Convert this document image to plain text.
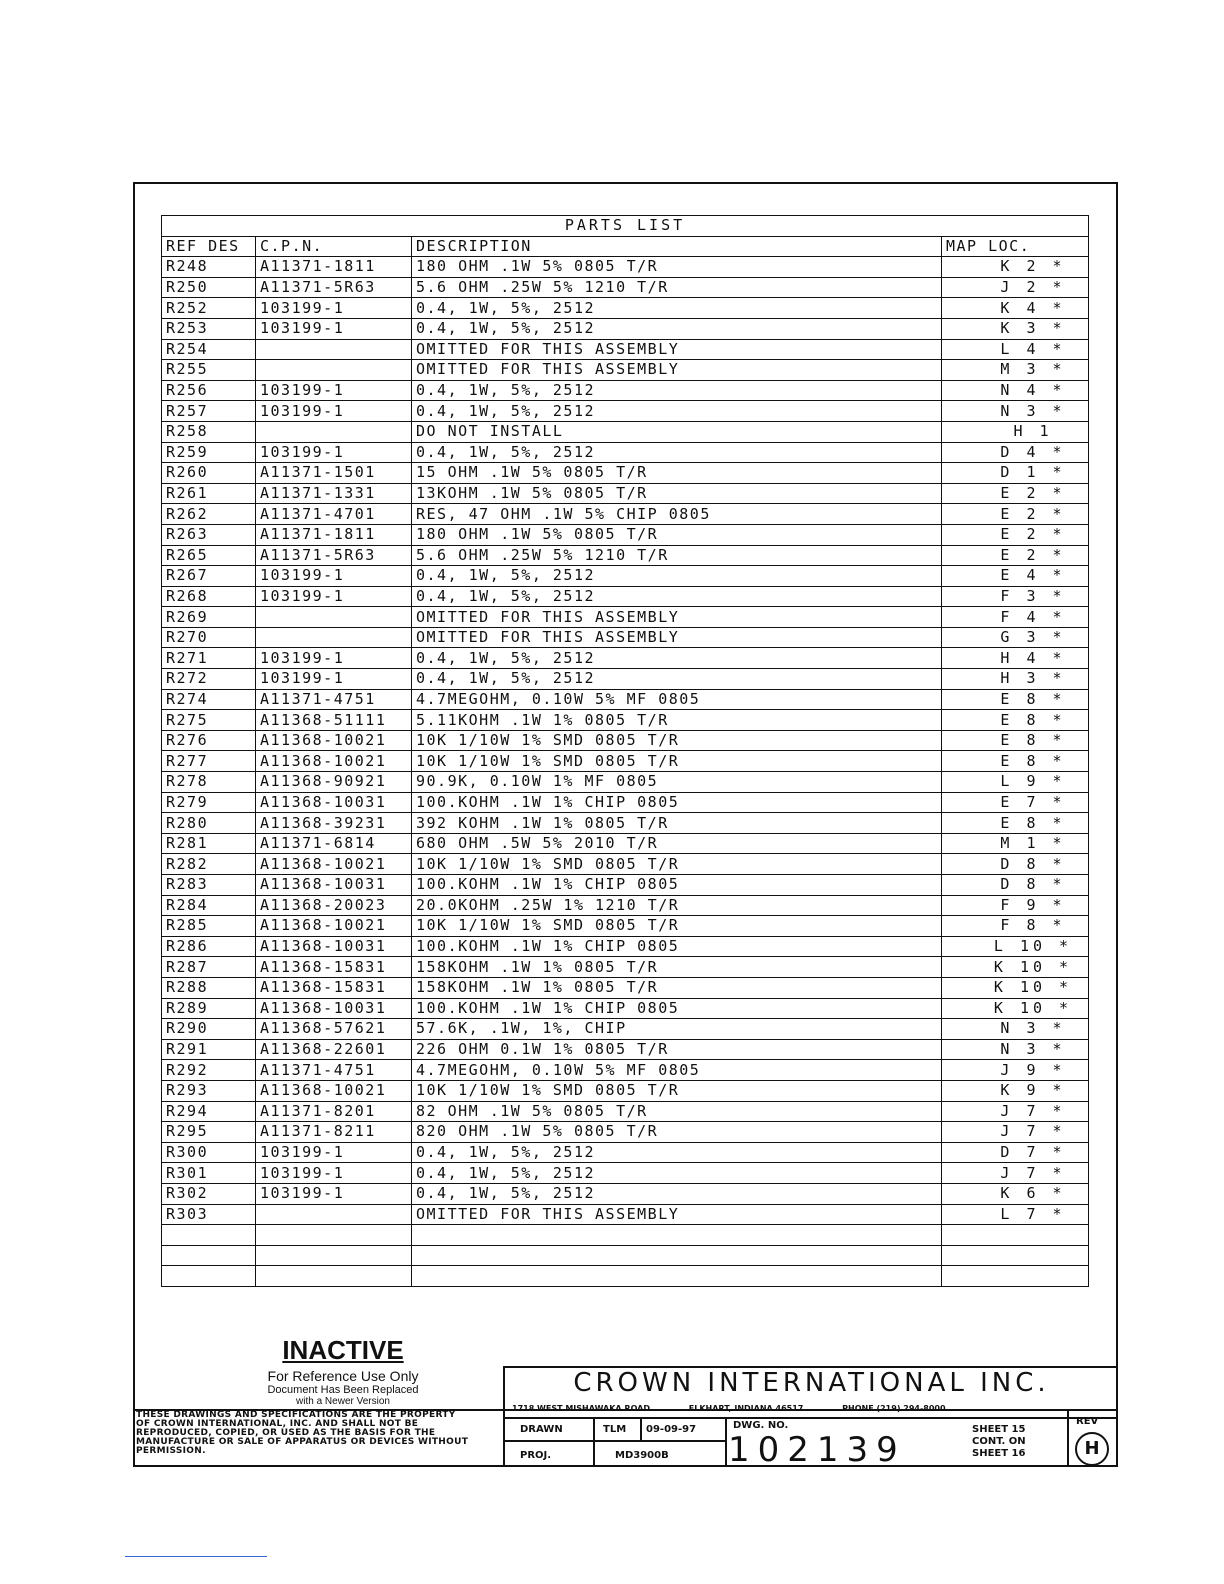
PARTS LIST			
REF DES	C.P.N.	DESCRIPTION	MAP LOC.
R248	A11371-1811	180 OHM .1W 5% 0805 T/R	K 2 *
R250	A11371-5R63	5.6 OHM .25W 5% 1210 T/R	J 2 *
R252	103199-1	0.4, 1W, 5%, 2512	K 4 *
R253	103199-1	0.4, 1W, 5%, 2512	K 3 *
R254		OMITTED FOR THIS ASSEMBLY	L 4 *
R255		OMITTED FOR THIS ASSEMBLY	M 3 *
R256	103199-1	0.4, 1W, 5%, 2512	N 4 *
R257	103199-1	0.4, 1W, 5%, 2512	N 3 *
R258		DO NOT INSTALL	H 1
R259	103199-1	0.4, 1W, 5%, 2512	D 4 *
R260	A11371-1501	15 OHM .1W 5% 0805 T/R	D 1 *
R261	A11371-1331	13KOHM .1W 5% 0805 T/R	E 2 *
R262	A11371-4701	RES, 47 OHM .1W 5% CHIP 0805	E 2 *
R263	A11371-1811	180 OHM .1W 5% 0805 T/R	E 2 *
R265	A11371-5R63	5.6 OHM .25W 5% 1210 T/R	E 2 *
R267	103199-1	0.4, 1W, 5%, 2512	E 4 *
R268	103199-1	0.4, 1W, 5%, 2512	F 3 *
R269		OMITTED FOR THIS ASSEMBLY	F 4 *
R270		OMITTED FOR THIS ASSEMBLY	G 3 *
R271	103199-1	0.4, 1W, 5%, 2512	H 4 *
R272	103199-1	0.4, 1W, 5%, 2512	H 3 *
R274	A11371-4751	4.7MEGOHM, 0.10W 5% MF 0805	E 8 *
R275	A11368-51111	5.11KOHM .1W 1% 0805 T/R	E 8 *
R276	A11368-10021	10K 1/10W 1% SMD 0805 T/R	E 8 *
R277	A11368-10021	10K 1/10W 1% SMD 0805 T/R	E 8 *
R278	A11368-90921	90.9K, 0.10W 1% MF 0805	L 9 *
R279	A11368-10031	100.KOHM .1W 1% CHIP 0805	E 7 *
R280	A11368-39231	392 KOHM .1W 1% 0805 T/R	E 8 *
R281	A11371-6814	680 OHM .5W 5% 2010 T/R	M 1 *
R282	A11368-10021	10K 1/10W 1% SMD 0805 T/R	D 8 *
R283	A11368-10031	100.KOHM .1W 1% CHIP 0805	D 8 *
R284	A11368-20023	20.0KOHM .25W 1% 1210 T/R	F 9 *
R285	A11368-10021	10K 1/10W 1% SMD 0805 T/R	F 8 *
R286	A11368-10031	100.KOHM .1W 1% CHIP 0805	L 10 *
R287	A11368-15831	158KOHM .1W 1% 0805 T/R	K 10 *
R288	A11368-15831	158KOHM .1W 1% 0805 T/R	K 10 *
R289	A11368-10031	100.KOHM .1W 1% CHIP 0805	K 10 *
R290	A11368-57621	57.6K, .1W, 1%, CHIP	N 3 *
R291	A11368-22601	226 OHM 0.1W 1% 0805 T/R	N 3 *
R292	A11371-4751	4.7MEGOHM, 0.10W 5% MF 0805	J 9 *
R293	A11368-10021	10K 1/10W 1% SMD 0805 T/R	K 9 *
R294	A11371-8201	82 OHM .1W 5% 0805 T/R	J 7 *
R295	A11371-8211	820 OHM .1W 5% 0805 T/R	J 7 *
R300	103199-1	0.4, 1W, 5%, 2512	D 7 *
R301	103199-1	0.4, 1W, 5%, 2512	J 7 *
R302	103199-1	0.4, 1W, 5%, 2512	K 6 *
R303		OMITTED FOR THIS ASSEMBLY	L 7 *

INACTIVE
For Reference Use Only
Document Has Been Replaced
with a Newer Version
THESE DRAWINGS AND SPECIFICATIONS ARE THE PROPERTY OF CROWN INTERNATIONAL, INC. AND SHALL NOT BE REPRODUCED, COPIED, OR USED AS THE BASIS FOR THE MANUFACTURE OR SALE OF APPARATUS OR DEVICES WITHOUT PERMISSION.
CROWN INTERNATIONAL INC.
1718 WEST MISHAWAKA ROAD	ELKHART, INDIANA 46517	PHONE (219) 294-8000
DRAWN	TLM 09-09-97
PROJ.	MD3900B
DWG. NO.
102139
SHEET 15
CONT. ON
SHEET 16
REV
H
